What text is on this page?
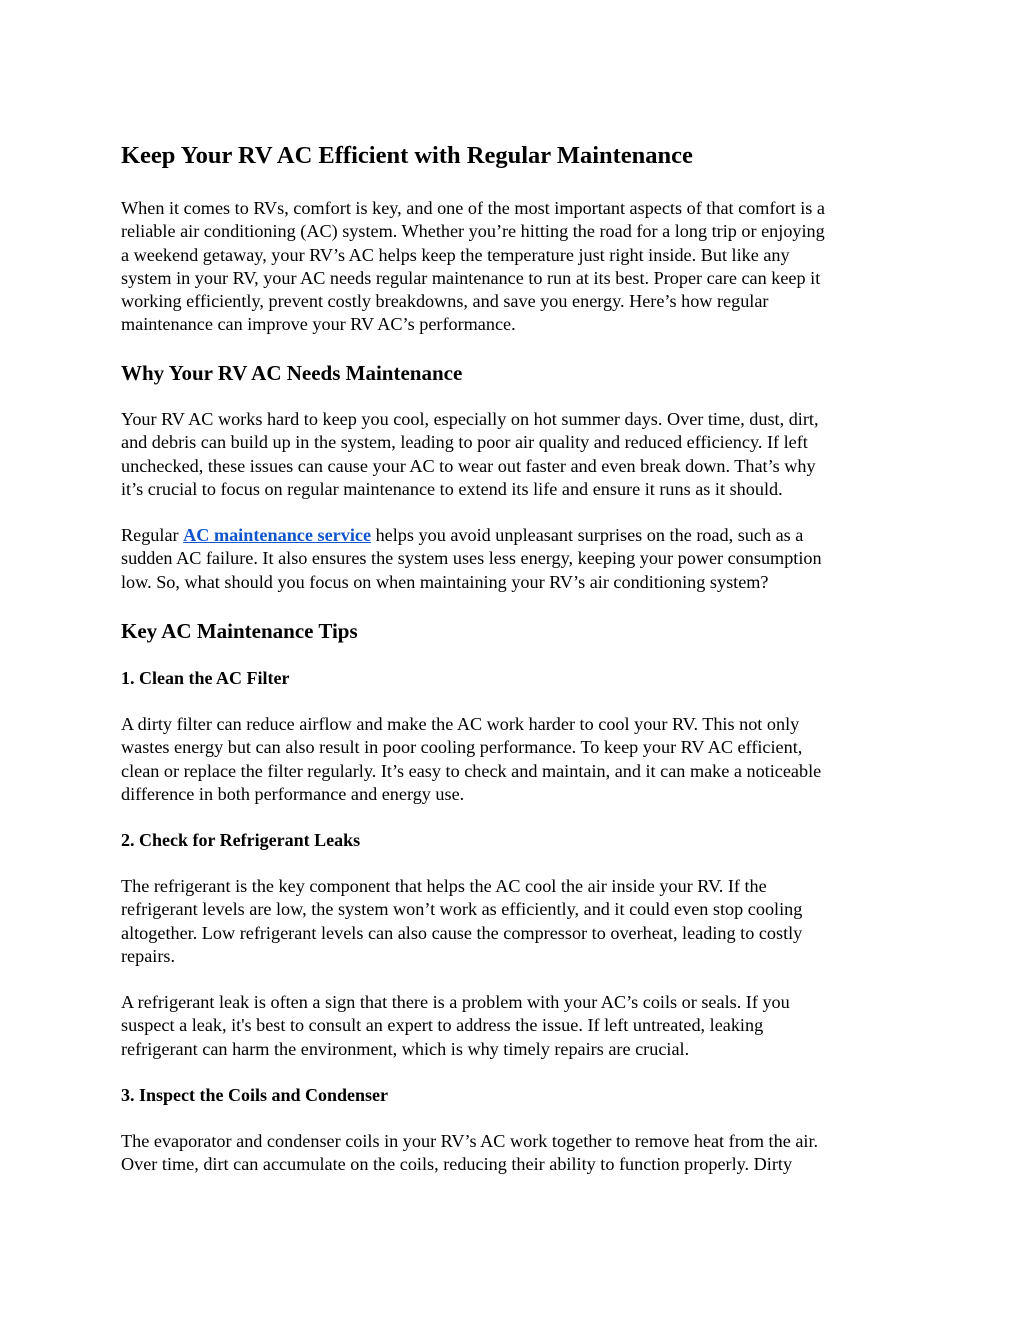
Keep Your RV AC Efficient with Regular Maintenance
When it comes to RVs, comfort is key, and one of the most important aspects of that comfort is a
reliable air conditioning (AC) system. Whether you’re hitting the road for a long trip or enjoying
a weekend getaway, your RV’s AC helps keep the temperature just right inside. But like any
system in your RV, your AC needs regular maintenance to run at its best. Proper care can keep it
working efficiently, prevent costly breakdowns, and save you energy. Here’s how regular
maintenance can improve your RV AC’s performance.
Why Your RV AC Needs Maintenance
Your RV AC works hard to keep you cool, especially on hot summer days. Over time, dust, dirt,
and debris can build up in the system, leading to poor air quality and reduced efficiency. If left
unchecked, these issues can cause your AC to wear out faster and even break down. That’s why
it’s crucial to focus on regular maintenance to extend its life and ensure it runs as it should.
Regular AC maintenance service helps you avoid unpleasant surprises on the road, such as a
sudden AC failure. It also ensures the system uses less energy, keeping your power consumption
low. So, what should you focus on when maintaining your RV’s air conditioning system?
Key AC Maintenance Tips
1. Clean the AC Filter
A dirty filter can reduce airflow and make the AC work harder to cool your RV. This not only
wastes energy but can also result in poor cooling performance. To keep your RV AC efficient,
clean or replace the filter regularly. It’s easy to check and maintain, and it can make a noticeable
difference in both performance and energy use.
2. Check for Refrigerant Leaks
The refrigerant is the key component that helps the AC cool the air inside your RV. If the
refrigerant levels are low, the system won’t work as efficiently, and it could even stop cooling
altogether. Low refrigerant levels can also cause the compressor to overheat, leading to costly
repairs.
A refrigerant leak is often a sign that there is a problem with your AC’s coils or seals. If you
suspect a leak, it's best to consult an expert to address the issue. If left untreated, leaking
refrigerant can harm the environment, which is why timely repairs are crucial.
3. Inspect the Coils and Condenser
The evaporator and condenser coils in your RV’s AC work together to remove heat from the air.
Over time, dirt can accumulate on the coils, reducing their ability to function properly. Dirty
